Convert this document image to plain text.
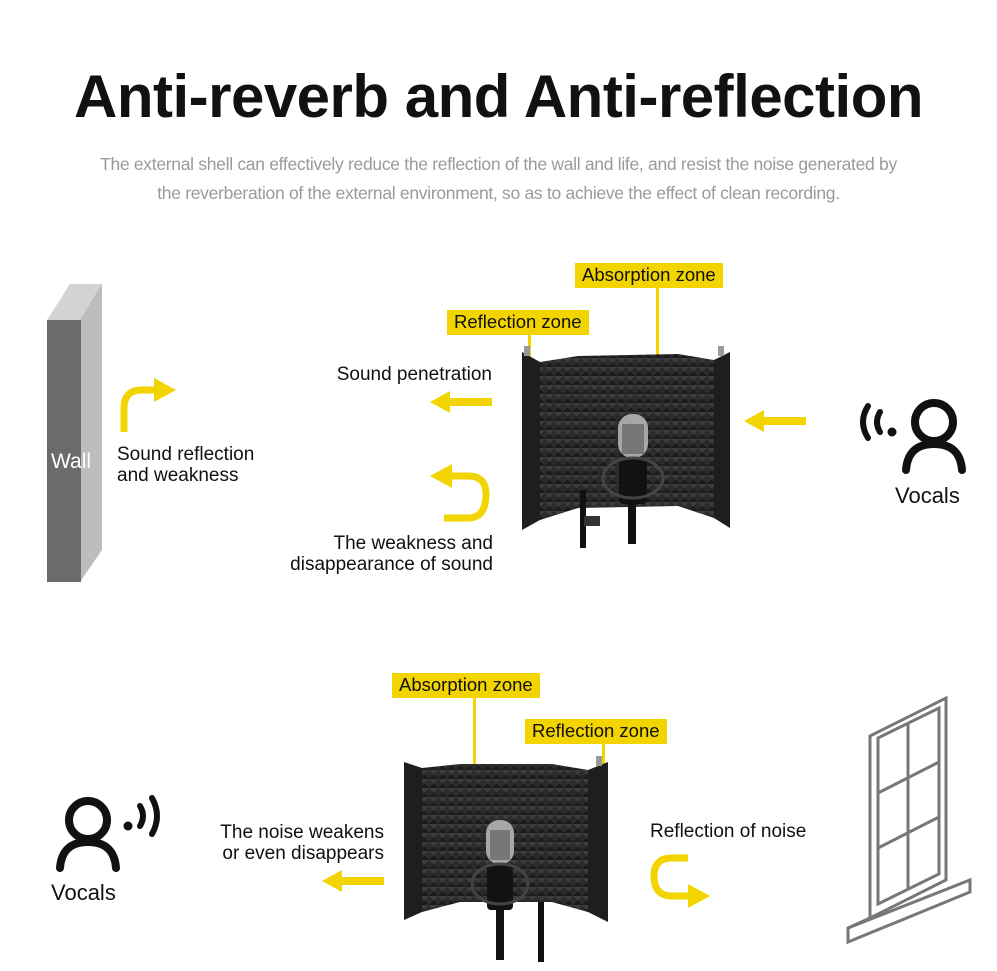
Anti-reverb and Anti-reflection
The external shell can effectively reduce the reflection of the wall and life, and resist the noise generated by
the reverberation of the external environment, so as to achieve the effect of clean recording.
Wall Sound reflection
and weakness
Sound penetration
The weakness and
disappearance of sound
Absorption zone
Reflection zone
Vocals
Absorption zone
Reflection zone
The noise weakens
or even disappears
Reflection of noise
Vocals
